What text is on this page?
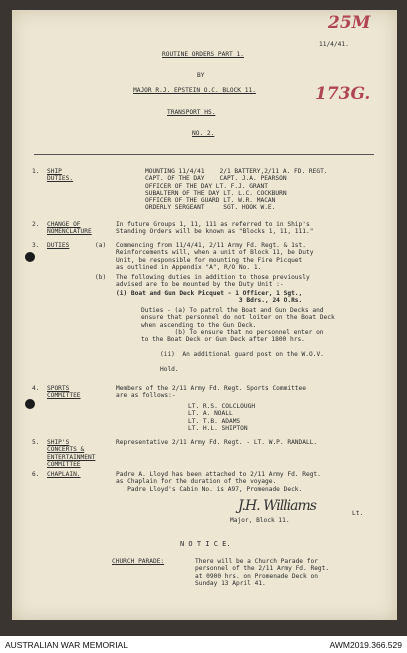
25M
173G.
11/4/41.
ROUTINE ORDERS PART 1.
BY
MAJOR R.J. EPSTEIN O.C. BLOCK 11.
TRANSPORT HS.
NO. 2.
1. SHIP
DUTIES.
MOUNTING 11/4/41    2/1 BATTERY,2/11 A. FD. REGT.
CAPT. OF THE DAY    CAPT. J.A. PEARSON
OFFICER OF THE DAY LT. F.J. GRANT
SUBALTERN OF THE DAY LT. L.C. COCKBURN
OFFICER OF THE GUARD LT. W.R. MACAN
ORDERLY SERGEANT     SGT. HOOK W.E.
2. CHANGE OF
NOMENCLATURE
In future Groups 1, 11, 111 as referred to in Ship's
Standing Orders will be known as "Blocks 1, 11, 111."
3. DUTIES	(a) Commencing from 11/4/41, 2/11 Army Fd. Regt. & 1st.
Reinforcements will, when a unit of Block 11, be Duty
Unit, be responsible for mounting the Fire Picquet
as outlined in Appendix "A", R/O No. 1.
(b) The following duties in addition to those previously
advised are to be mounted by the Duty Unit :-
(i) Boat and Gun Deck Picquet - 1 Officer, 1 Sgt.,
3 Bdrs., 24 O.Rs.
Duties - (a) To patrol the Boat and Gun Decks and
ensure that personnel do not loiter on the Boat Deck
when ascending to the Gun Deck.
(b) To ensure that no personnel enter on
to the Boat Deck or Gun Deck after 1800 hrs.
(ii)  An additional guard post on the W.O.V.

Hold.
4. SPORTS
COMMITTEE
Members of the 2/11 Army Fd. Regt. Sports Committee
are as follows:-
LT. R.S. COLCLOUGH
LT. A. NOALL
LT. T.B. ADAMS
LT. H.L. SHIPTON
5. SHIP'S
CONCERTS &
ENTERTAINMENT
COMMITTEE
Representative 2/11 Army Fd. Regt. - LT. W.P. RANDALL.
6. CHAPLAIN.	Padre A. Lloyd has been attached to 2/11 Army Fd. Regt.
as Chaplain for the duration of the voyage.
Padre Lloyd's Cabin No. is A97, Promenade Deck.
J.H. Williams	Lt.
Major, Block 11.
N O T I C E.
CHURCH PARADE:	There will be a Church Parade for
personnel of the 2/11 Army Fd. Regt.
at 0900 hrs. on Promenade Deck on
Sunday 13 April 41.
AUSTRALIAN WAR MEMORIAL	AWM2019.366.529
